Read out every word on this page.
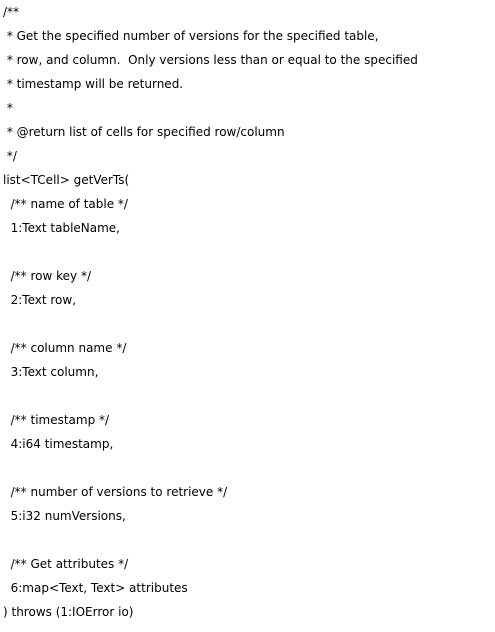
/**
* Get the specified number of versions for the specified table,
* row, and column.  Only versions less than or equal to the specified
* timestamp will be returned.
*
* @return list of cells for specified row/column
*/
list<TCell> getVerTs(
/** name of table */
1:Text tableName,
/** row key */
2:Text row,
/** column name */
3:Text column,
/** timestamp */
4:i64 timestamp,
/** number of versions to retrieve */
5:i32 numVersions,
/** Get attributes */
6:map<Text, Text> attributes
) throws (1:IOError io)
